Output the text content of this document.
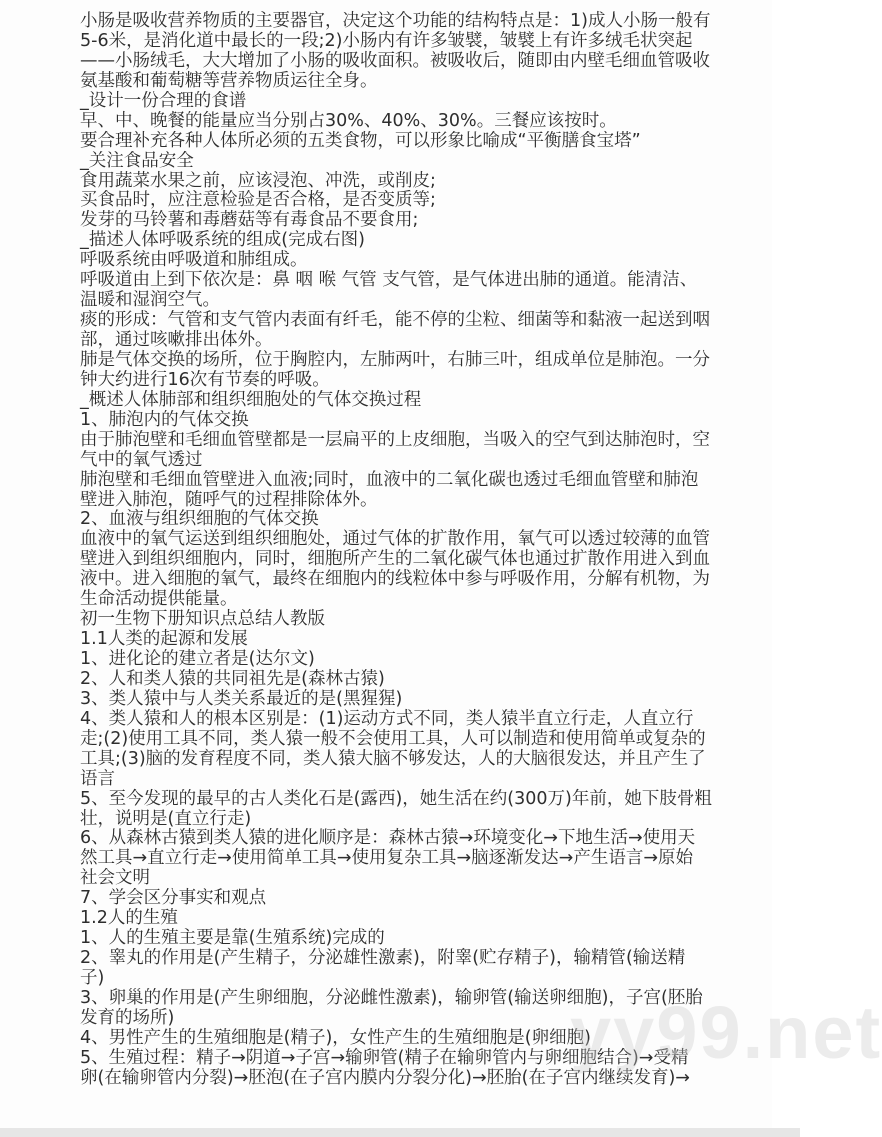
小肠是吸收营养物质的主要器官，决定这个功能的结构特点是：1)成人小肠一般有
5-6米，是消化道中最长的一段;2)小肠内有许多皱襞，皱襞上有许多绒毛状突起
——小肠绒毛，大大增加了小肠的吸收面积。被吸收后，随即由内壁毛细血管吸收
氨基酸和葡萄糖等营养物质运往全身。
_设计一份合理的食谱
早、中、晚餐的能量应当分别占30%、40%、30%。三餐应该按时。
要合理补充各种人体所必须的五类食物，可以形象比喻成“平衡膳食宝塔”
_关注食品安全
食用蔬菜水果之前，应该浸泡、冲洗，或削皮;
买食品时，应注意检验是否合格，是否变质等;
发芽的马铃薯和毒蘑菇等有毒食品不要食用;
_描述人体呼吸系统的组成(完成右图)
呼吸系统由呼吸道和肺组成。
呼吸道由上到下依次是：鼻 咽 喉 气管 支气管，是气体进出肺的通道。能清洁、
温暖和湿润空气。
痰的形成：气管和支气管内表面有纤毛，能不停的尘粒、细菌等和黏液一起送到咽
部，通过咳嗽排出体外。
肺是气体交换的场所，位于胸腔内，左肺两叶，右肺三叶，组成单位是肺泡。一分
钟大约进行16次有节奏的呼吸。
_概述人体肺部和组织细胞处的气体交换过程
1、肺泡内的气体交换
由于肺泡壁和毛细血管壁都是一层扁平的上皮细胞，当吸入的空气到达肺泡时，空
气中的氧气透过
肺泡壁和毛细血管壁进入血液;同时，血液中的二氧化碳也透过毛细血管壁和肺泡
壁进入肺泡，随呼气的过程排除体外。
2、血液与组织细胞的气体交换
血液中的氧气运送到组织细胞处，通过气体的扩散作用，氧气可以透过较薄的血管
壁进入到组织细胞内，同时，细胞所产生的二氧化碳气体也通过扩散作用进入到血
液中。进入细胞的氧气，最终在细胞内的线粒体中参与呼吸作用，分解有机物，为
生命活动提供能量。
初一生物下册知识点总结人教版
1.1人类的起源和发展
1、进化论的建立者是(达尔文)
2、人和类人猿的共同祖先是(森林古猿)
3、类人猿中与人类关系最近的是(黑猩猩)
4、类人猿和人的根本区别是：(1)运动方式不同，类人猿半直立行走，人直立行
走;(2)使用工具不同，类人猿一般不会使用工具，人可以制造和使用简单或复杂的
工具;(3)脑的发育程度不同，类人猿大脑不够发达，人的大脑很发达，并且产生了
语言
5、至今发现的最早的古人类化石是(露西)，她生活在约(300万)年前，她下肢骨粗
壮，说明是(直立行走)
6、从森林古猿到类人猿的进化顺序是：森林古猿→环境变化→下地生活→使用天
然工具→直立行走→使用简单工具→使用复杂工具→脑逐渐发达→产生语言→原始
社会文明
7、学会区分事实和观点
1.2人的生殖
1、人的生殖主要是靠(生殖系统)完成的
2、睾丸的作用是(产生精子，分泌雄性激素)，附睾(贮存精子)，输精管(输送精
子)
3、卵巢的作用是(产生卵细胞，分泌雌性激素)，输卵管(输送卵细胞)，子宫(胚胎
发育的场所)
4、男性产生的生殖细胞是(精子)，女性产生的生殖细胞是(卵细胞)
5、生殖过程：精子→阴道→子宫→输卵管(精子在输卵管内与卵细胞结合)→受精
卵(在输卵管内分裂)→胚泡(在子宫内膜内分裂分化)→胚胎(在子宫内继续发育)→
yy99.net
